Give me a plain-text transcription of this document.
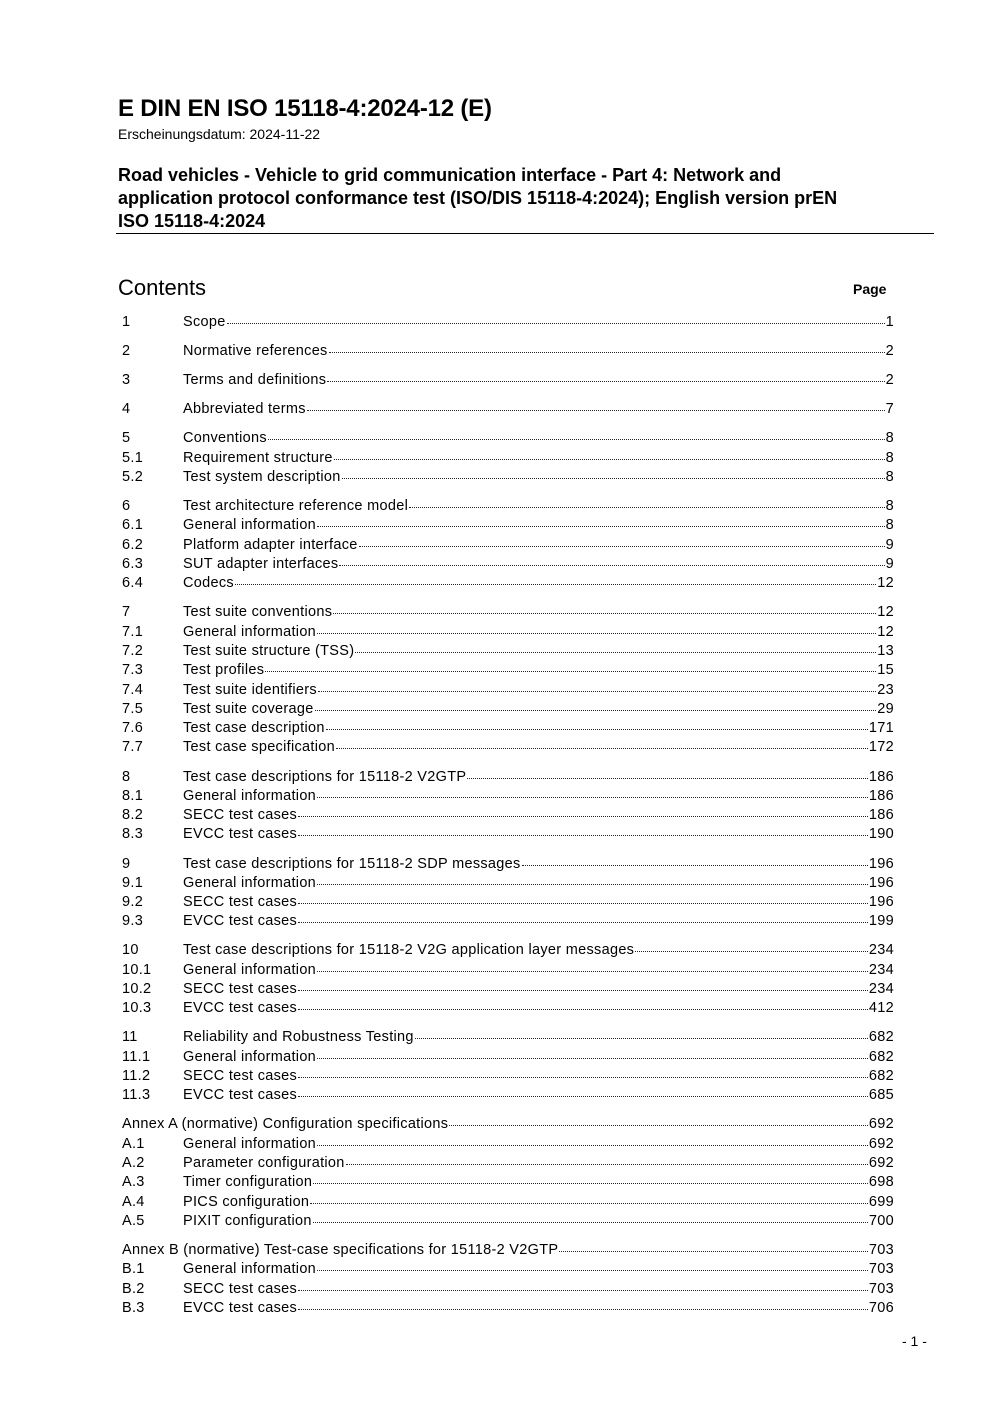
E DIN EN ISO 15118-4:2024-12 (E)
Erscheinungsdatum: 2024-11-22
Road vehicles - Vehicle to grid communication interface - Part 4: Network and
application protocol conformance test (ISO/DIS 15118-4:2024); English version prEN
ISO 15118-4:2024
Contents	Page
1	Scope	1
2	Normative references	2
3	Terms and definitions	2
4	Abbreviated terms	7
5	Conventions	8
5.1	Requirement structure	8
5.2	Test system description	8
6	Test architecture reference model	8
6.1	General information	8
6.2	Platform adapter interface	9
6.3	SUT adapter interfaces	9
6.4	Codecs	12
7	Test suite conventions	12
7.1	General information	12
7.2	Test suite structure (TSS)	13
7.3	Test profiles	15
7.4	Test suite identifiers	23
7.5	Test suite coverage	29
7.6	Test case description	171
7.7	Test case specification	172
8	Test case descriptions for 15118-2 V2GTP	186
8.1	General information	186
8.2	SECC test cases	186
8.3	EVCC test cases	190
9	Test case descriptions for 15118-2 SDP messages	196
9.1	General information	196
9.2	SECC test cases	196
9.3	EVCC test cases	199
10	Test case descriptions for 15118-2 V2G application layer messages	234
10.1	General information	234
10.2	SECC test cases	234
10.3	EVCC test cases	412
11	Reliability and Robustness Testing	682
11.1	General information	682
11.2	SECC test cases	682
11.3	EVCC test cases	685
Annex A (normative) Configuration specifications	692
A.1	General information	692
A.2	Parameter configuration	692
A.3	Timer configuration	698
A.4	PICS configuration	699
A.5	PIXIT configuration	700
Annex B (normative) Test-case specifications for 15118-2 V2GTP	703
B.1	General information	703
B.2	SECC test cases	703
B.3	EVCC test cases	706
- 1 -
